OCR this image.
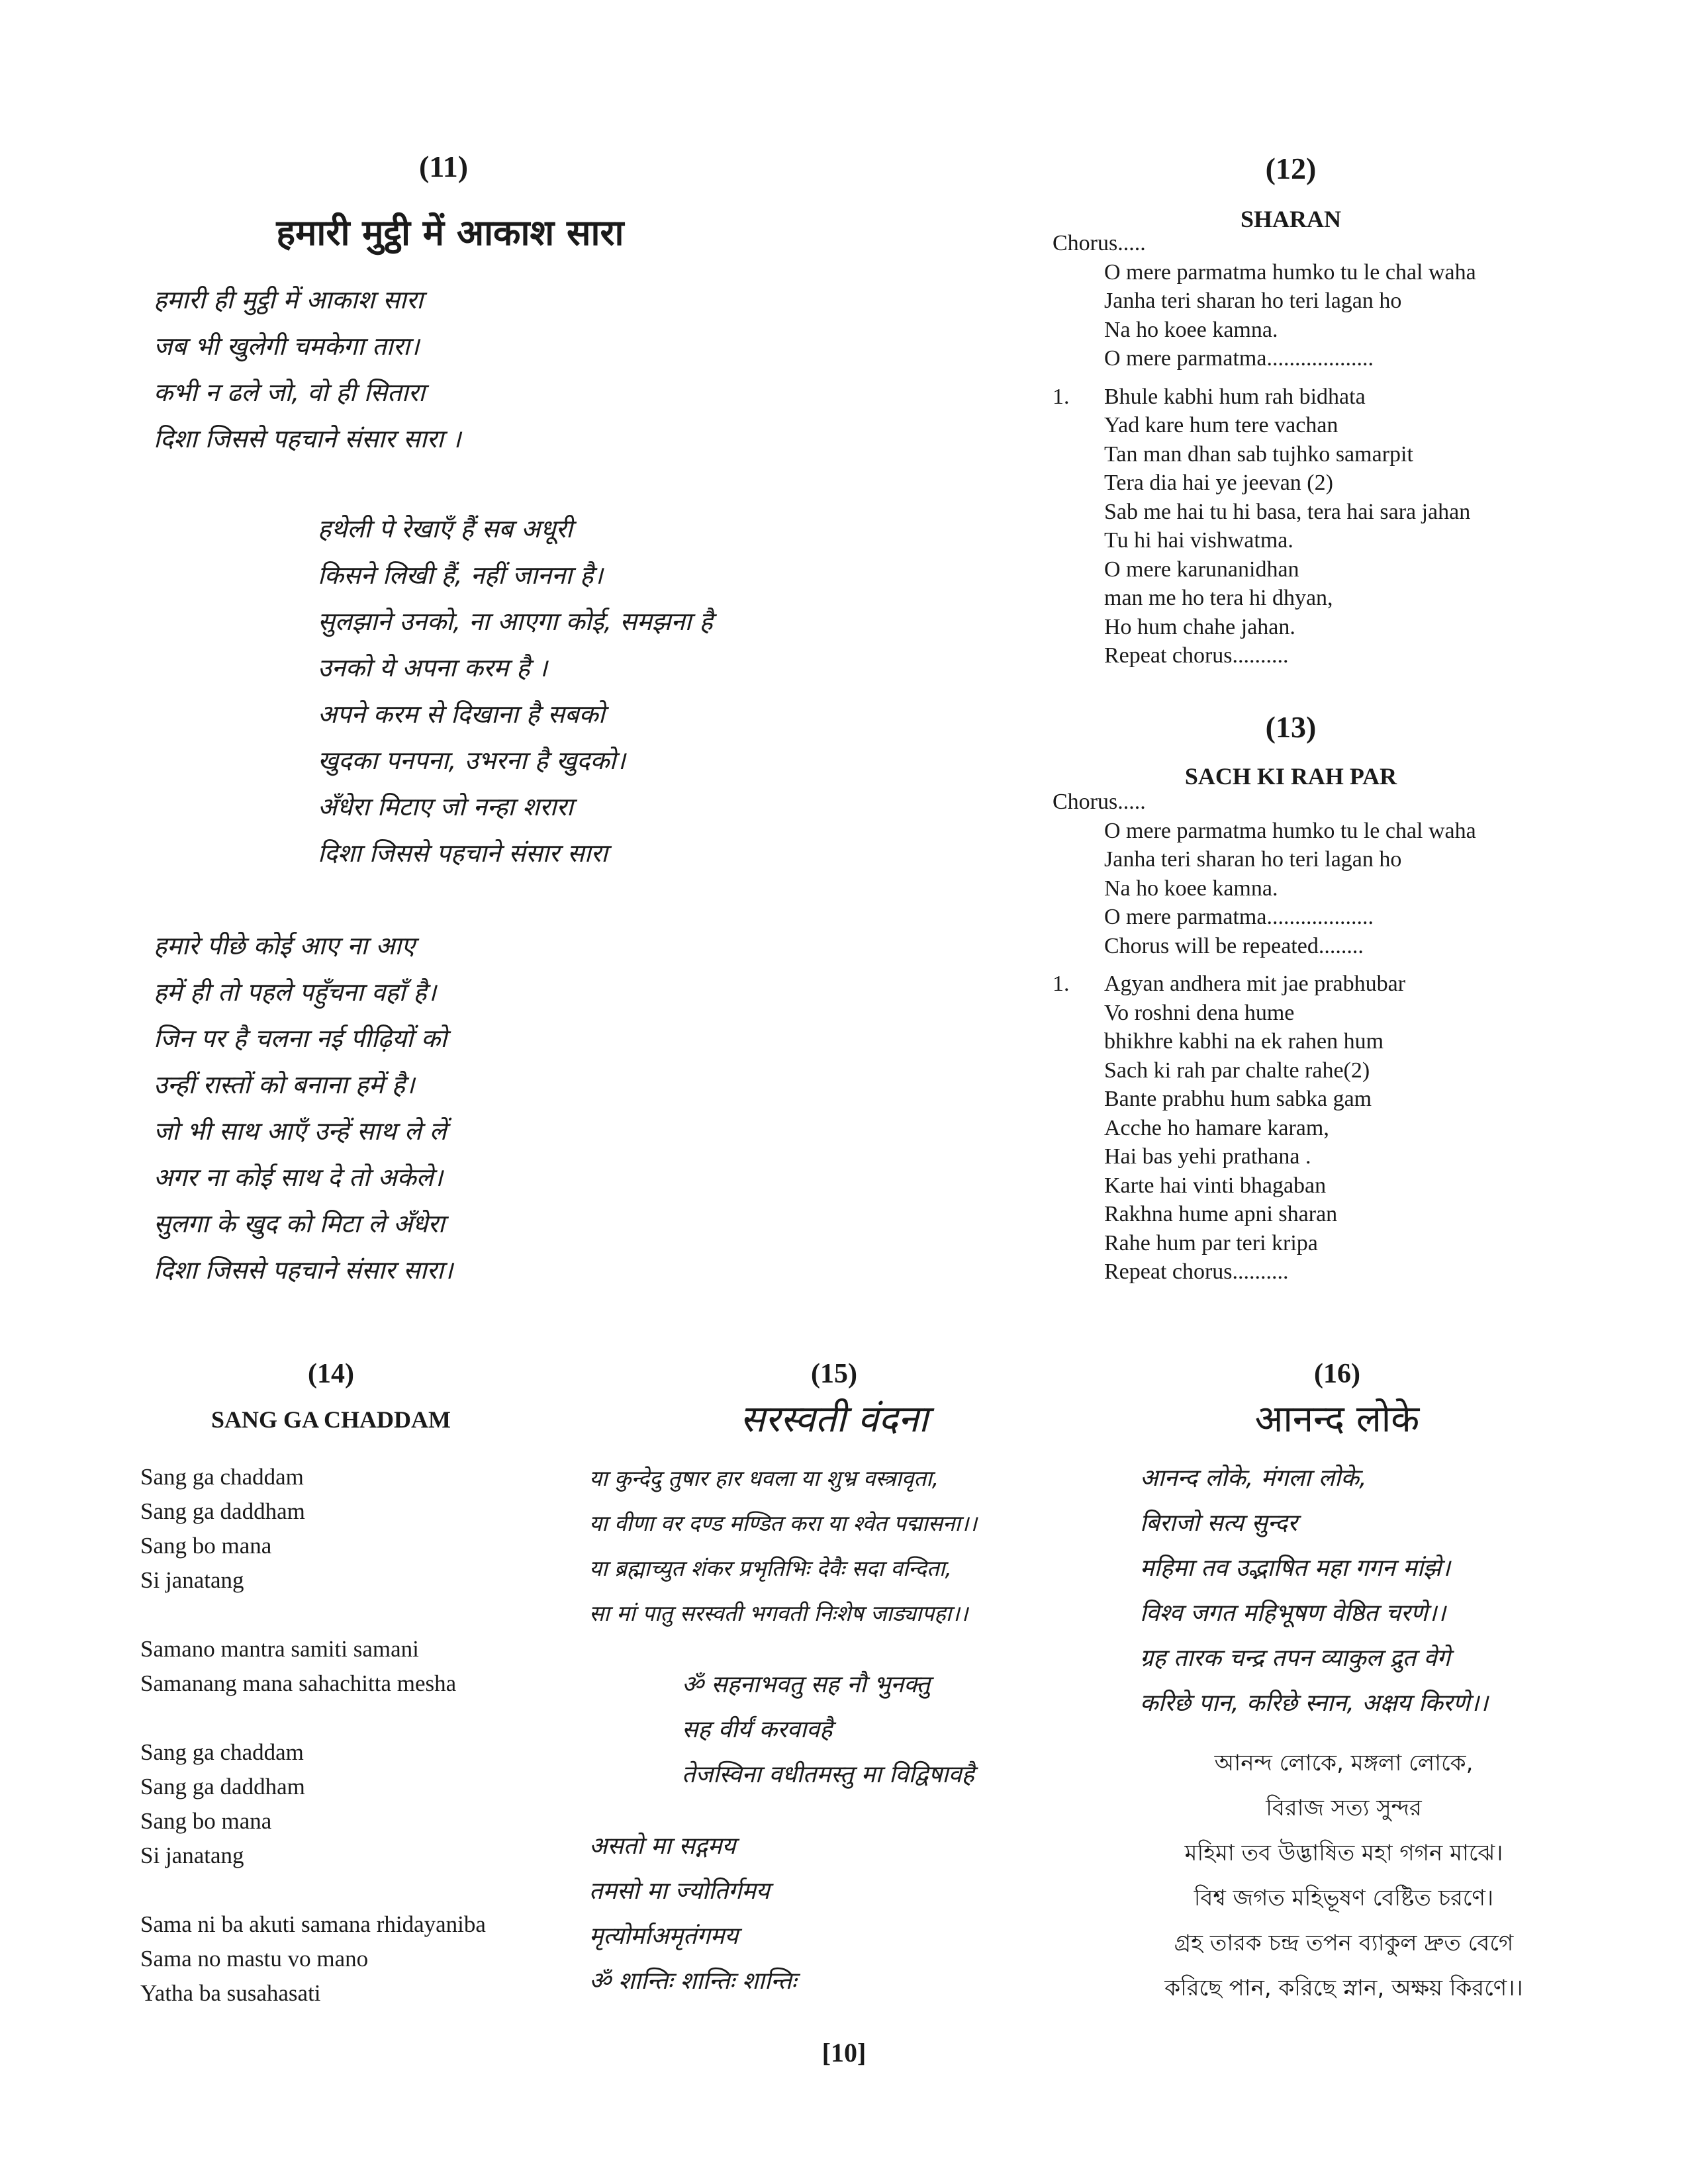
(11)
हमारी मुट्ठी में आकाश सारा
हमारी ही मुट्ठी में आकाश सारा
जब भी खुलेगी चमकेगा तारा।
कभी न ढले जो, वो ही सितारा
दिशा जिससे पहचाने संसार सारा ।
हथेली पे रेखाएँ हैं सब अधूरी
किसने लिखी हैं, नहीं जानना है।
सुलझाने उनको, ना आएगा कोई, समझना है
उनको ये अपना करम है ।
अपने करम से दिखाना है सबको
खुदका पनपना, उभरना है खुदको।
अँधेरा मिटाए जो नन्हा शरारा
दिशा जिससे पहचाने संसार सारा
हमारे पीछे कोई आए ना आए
हमें ही तो पहले पहुँचना वहाँ है।
जिन पर है चलना नई पीढ़ियों को
उन्हीं रास्तों को बनाना हमें है।
जो भी साथ आएँ उन्हें साथ ले लें
अगर ना कोई साथ दे तो अकेले।
सुलगा के खुद को मिटा ले अँधेरा
दिशा जिससे पहचाने संसार सारा।
(12)
SHARAN
Chorus.....
O mere parmatma humko tu le chal waha
Janha teri sharan ho teri lagan ho
Na ho koee kamna.
O mere parmatma...................
1.	Bhule kabhi hum rah bidhata
Yad kare hum tere vachan
Tan man dhan sab tujhko samarpit
Tera dia hai ye jeevan (2)
Sab me hai tu hi basa, tera hai sara jahan
Tu hi hai vishwatma.
O mere karunanidhan
man me ho tera hi dhyan,
Ho hum chahe jahan.
Repeat chorus..........
(13)
SACH KI RAH PAR
Chorus.....
O mere parmatma humko tu le chal waha
Janha teri sharan ho teri lagan ho
Na ho koee kamna.
O mere parmatma...................
Chorus will be repeated........
1.	Agyan andhera mit jae prabhubar
Vo roshni dena hume
bhikhre kabhi na ek rahen hum
Sach ki rah par chalte rahe(2)
Bante prabhu hum sabka gam
Acche ho hamare karam,
Hai bas yehi prathana .
Karte hai vinti bhagaban
Rakhna hume apni sharan
Rahe hum par teri kripa
Repeat chorus..........
(14)
SANG GA CHADDAM
Sang ga chaddam
Sang ga daddham
Sang bo mana
Si janatang
Samano mantra samiti samani
Samanang mana sahachitta mesha
Sang ga chaddam
Sang ga daddham
Sang bo mana
Si janatang
Sama ni ba akuti samana rhidayaniba
Sama no mastu vo mano
Yatha ba susahasati
(15)
सरस्वती वंदना
या कुन्देदु तुषार हार धवला या शुभ्र वस्त्रावृता,
या वीणा वर दण्ड मण्डित करा या श्वेत पद्मासना।।
या ब्रह्माच्युत शंकर प्रभृतिभिः देवैः सदा वन्दिता,
सा मां पातु सरस्वती भगवती निःशेष जाड्यापहा।।
ॐ सहनाभवतु सह नौ भुनक्तु
सह वीर्यं करवावहै
तेजस्विना वधीतमस्तु मा विद्विषावहै
असतो मा सद्गमय
तमसो मा ज्योतिर्गमय
मृत्योर्माअमृतंगमय
ॐ शान्तिः शान्तिः शान्तिः
(16)
आनन्द लोके
आनन्द लोके, मंगला लोके,
बिराजो सत्य सुन्दर
महिमा तव उद्भाषित महा गगन मांझे।
विश्व जगत महिभूषण वेष्ठित चरणे।।
ग्रह तारक चन्द्र तपन व्याकुल द्रुत वेगे
करिछे पान, करिछे स्नान, अक्षय किरणे।।
আনন্দ লোকে, মঙ্গলা লোকে,
বিরাজ সত্য সুন্দর
মহিমা তব উদ্ভাষিত মহা গগন মাঝে।
বিশ্ব জগত মহিভূষণ বেষ্টিত চরণে।
গ্রহ তারক চন্দ্র তপন ব্যাকুল দ্রুত বেগে
করিছে পান, করিছে স্নান, অক্ষয় কিরণে।।
[10]
